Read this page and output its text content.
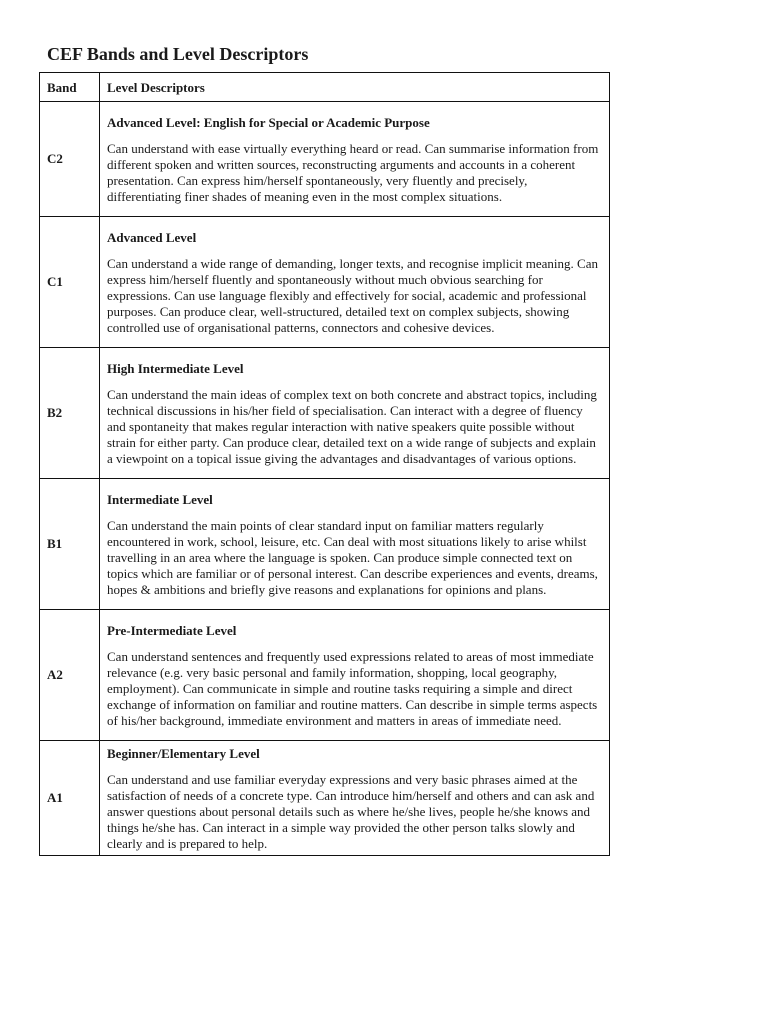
CEF Bands and Level Descriptors
Band	Level Descriptors
C2	Advanced Level: English for Special or Academic Purpose
Can understand with ease virtually everything heard or read. Can summarise information from different spoken and written sources, reconstructing arguments and accounts in a coherent presentation. Can express him/herself spontaneously, very fluently and precisely, differentiating finer shades of meaning even in the most complex situations.

C1	Advanced Level
Can understand a wide range of demanding, longer texts, and recognise implicit meaning. Can express him/herself fluently and spontaneously without much obvious searching for expressions. Can use language flexibly and effectively for social, academic and professional purposes. Can produce clear, well-structured, detailed text on complex subjects, showing controlled use of organisational patterns, connectors and cohesive devices.

B2	High Intermediate Level
Can understand the main ideas of complex text on both concrete and abstract topics, including technical discussions in his/her field of specialisation. Can interact with a degree of fluency and spontaneity that makes regular interaction with native speakers quite possible without strain for either party. Can produce clear, detailed text on a wide range of subjects and explain a viewpoint on a topical issue giving the advantages and disadvantages of various options.

B1	Intermediate Level
Can understand the main points of clear standard input on familiar matters regularly encountered in work, school, leisure, etc. Can deal with most situations likely to arise whilst travelling in an area where the language is spoken. Can produce simple connected text on topics which are familiar or of personal interest. Can describe experiences and events, dreams, hopes & ambitions and briefly give reasons and explanations for opinions and plans.

A2	Pre-Intermediate Level
Can understand sentences and frequently used expressions related to areas of most immediate relevance (e.g. very basic personal and family information, shopping, local geography, employment). Can communicate in simple and routine tasks requiring a simple and direct exchange of information on familiar and routine matters. Can describe in simple terms aspects of his/her background, immediate environment and matters in areas of immediate need.

A1	Beginner/Elementary Level
Can understand and use familiar everyday expressions and very basic phrases aimed at the satisfaction of needs of a concrete type. Can introduce him/herself and others and can ask and answer questions about personal details such as where he/she lives, people he/she knows and things he/she has. Can interact in a simple way provided the other person talks slowly and clearly and is prepared to help.
